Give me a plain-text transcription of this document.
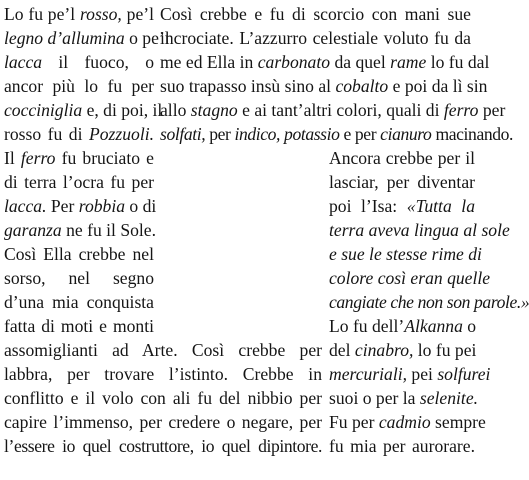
Lo fu pe’l rosso, pe’l
legno d’allumina o pe’l
lacca il fuoco, o
ancor più lo fu per
cocciniglia e, di poi, il
rosso fu di Pozzuoli.
Il ferro fu bruciato e
di terra l’ocra fu per
lacca. Per robbia o di
garanza ne fu il Sole.
Così Ella crebbe nel
sorso, nel segno
d’una mia conquista
fatta di moti e monti
Così crebbe e fu di scorcio con mani sue
incrociate. L’azzurro celestiale voluto fu da
me ed Ella in carbonato da quel rame lo fu dal
suo trapasso insù sino al cobalto e poi da lì sin
allo stagno e ai tant’altri colori, quali di ferro per
solfati, per indico, potassio e per cianuro macinando.
Ancora crebbe per il
lasciar, per diventar
poi l’Isa: «Tutta la
terra aveva lingua al sole
e sue le stesse rime di
colore così eran quelle
cangiate che non son parole.»
Lo fu dell’Alkanna o
del cinabro, lo fu pei
mercuriali, pei solfurei
suoi o per la selenite.
Fu per cadmio sempre
fu mia per aurorare.
assomiglianti ad Arte. Così crebbe per
labbra, per trovare l’istinto. Crebbe in
conflitto e il volo con ali fu del nibbio per
capire l’immenso, per credere o negare, per
l’essere io quel costruttore, io quel dipintore.
